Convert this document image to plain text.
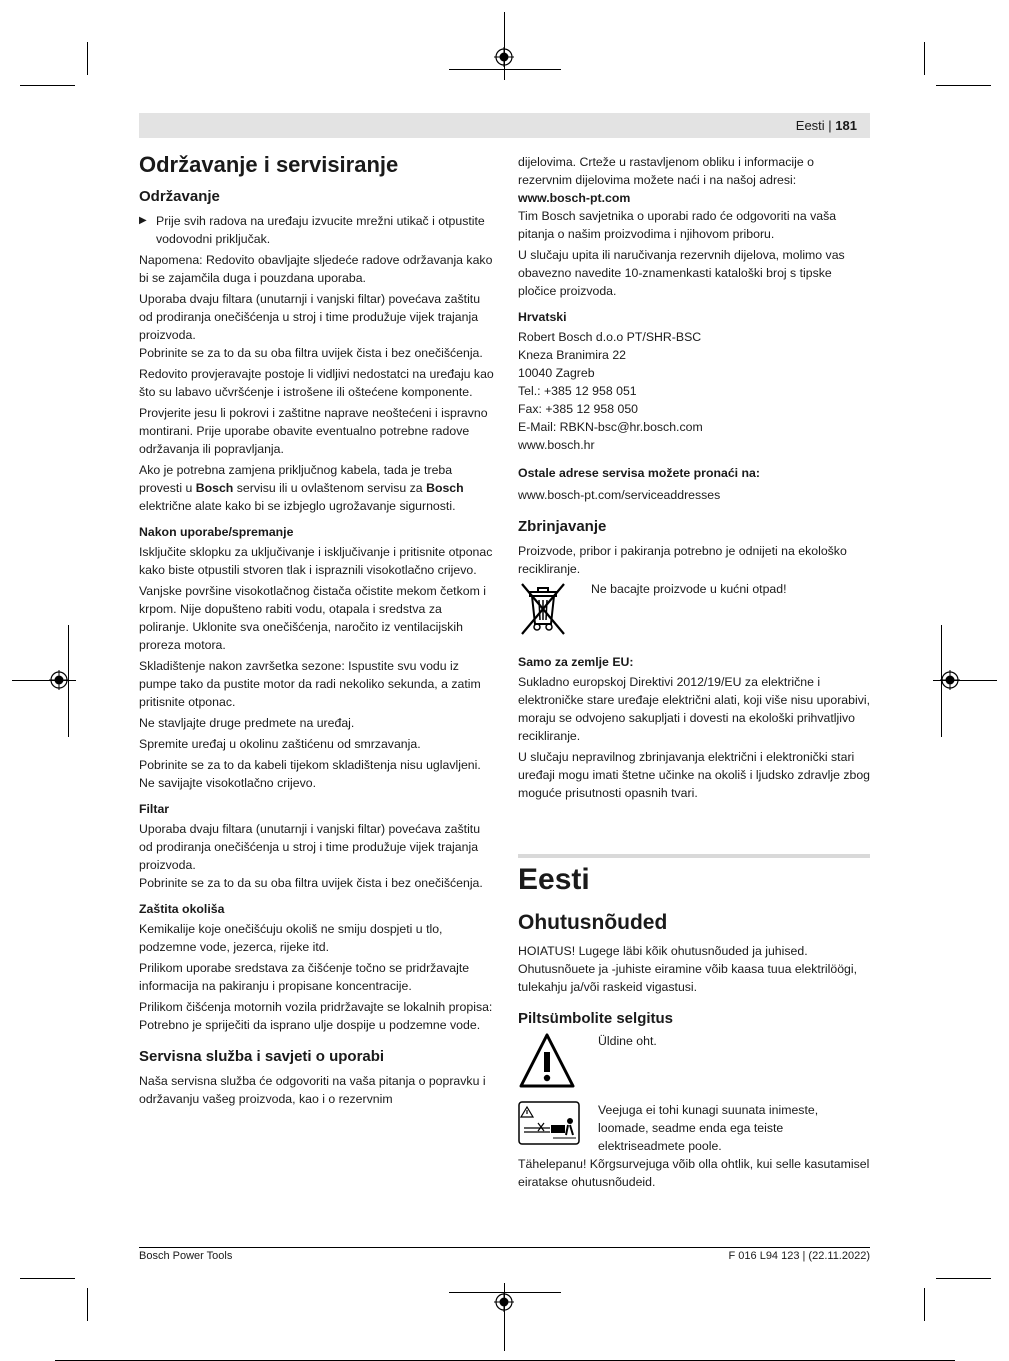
Eesti | 181
Održavanje i servisiranje
Održavanje
▶ Prije svih radova na uređaju izvucite mrežni utikač i otpustite vodovodni priključak.

Napomena: Redovito obavljajte sljedeće radove održavanja kako bi se zajamčila duga i pouzdana uporaba.

Uporaba dvaju filtara (unutarnji i vanjski filtar) povećava zaštitu od prodiranja onečišćenja u stroj i time produžuje vijek trajanja proizvoda.

Pobrinite se za to da su oba filtra uvijek čista i bez onečišćenja.

Redovito provjeravajte postoje li vidljivi nedostatci na uređaju kao što su labavo učvršćenje i istrošene ili oštećene komponente.

Provjerite jesu li pokrovi i zaštitne naprave neoštećeni i ispravno montirani. Prije uporabe obavite eventualno potrebne radove održavanja ili popravljanja.

Ako je potrebna zamjena priključnog kabela, tada je treba provesti u Bosch servisu ili u ovlaštenom servisu za Bosch električne alate kako bi se izbjeglo ugrožavanje sigurnosti.

Nakon uporabe/spremanje

Isključite sklopku za uključivanje i isključivanje i pritisnite otponac kako biste otpustili stvoren tlak i ispraznili visokotlačno crijevo.

Vanjske površine visokotlačnog čistača očistite mekom četkom i krpom. Nije dopušteno rabiti vodu, otapala i sredstva za poliranje. Uklonite sva onečišćenja, naročito iz ventilacijskih proreza motora.

Skladištenje nakon završetka sezone: Ispustite svu vodu iz pumpe tako da pustite motor da radi nekoliko sekunda, a zatim pritisnite otponac.

Ne stavljajte druge predmete na uređaj.

Spremite uređaj u okolinu zaštićenu od smrzavanja.

Pobrinite se za to da kabeli tijekom skladištenja nisu uglavljeni. Ne savijajte visokotlačno crijevo.

Filtar

Uporaba dvaju filtara (unutarnji i vanjski filtar) povećava zaštitu od prodiranja onečišćenja u stroj i time produžuje vijek trajanja proizvoda.

Pobrinite se za to da su oba filtra uvijek čista i bez onečišćenja.

Zaštita okoliša

Kemikalije koje onečišćuju okoliš ne smiju dospjeti u tlo, podzemne vode, jezerca, rijeke itd.

Prilikom uporabe sredstava za čišćenje točno se pridržavajte informacija na pakiranju i propisane koncentracije.

Prilikom čišćenja motornih vozila pridržavajte se lokalnih propisa: Potrebno je spriječiti da isprano ulje dospije u podzemne vode.

Servisna služba i savjeti o uporabi

Naša servisna služba će odgovoriti na vaša pitanja o popravku i održavanju vašeg proizvoda, kao i o rezervnim

dijelovima. Crteže u rastavljenom obliku i informacije o rezervnim dijelovima možete naći i na našoj adresi:

www.bosch-pt.com

Tim Bosch savjetnika o uporabi rado će odgovoriti na vaša pitanja o našim proizvodima i njihovom priboru.

U slučaju upita ili naručivanja rezervnih dijelova, molimo vas obavezno navedite 10-znamenkasti kataloški broj s tipske pločice proizvoda.

Hrvatski
Robert Bosch d.o.o PT/SHR-BSC
Kneza Branimira 22
10040 Zagreb
Tel.: +385 12 958 051
Fax: +385 12 958 050
E-Mail: RBKN-bsc@hr.bosch.com
www.bosch.hr
Ostale adrese servisa možete pronaći na:

www.bosch-pt.com/serviceaddresses

Zbrinjavanje

Proizvode, pribor i pakiranja potrebno je odnijeti na ekološko recikliranje.

Ne bacajte proizvode u kućni otpad!
Samo za zemlje EU:

Sukladno europskoj Direktivi 2012/19/EU za električne i elektroničke stare uređaje električni alati, koji više nisu uporabivi, moraju se odvojeno sakupljati i dovesti na ekološki prihvatljivo recikliranje.

U slučaju nepravilnog zbrinjavanja električni i elektronički stari uređaji mogu imati štetne učinke na okoliš i ljudsko zdravlje zbog moguće prisutnosti opasnih tvari.

Eesti
Ohutusnõuded

HOIATUS! Lugege läbi kõik ohutusnõuded ja juhised. Ohutusnõuete ja -juhiste eiramine võib kaasa tuua elektrilöögi, tulekahju ja/või raskeid vigastusi.

Piltsümbolite selgitus
Üldine oht.
Veejuga ei tohi kunagi suunata inimeste, loomade, seadme enda ega teiste elektriseadmete poole.

Tähelepanu! Kõrgsurvejuga võib olla ohtlik, kui selle kasutamisel eiratakse ohutusnõudeid.

Bosch Power Tools	F 016 L94 123 | (22.11.2022)
